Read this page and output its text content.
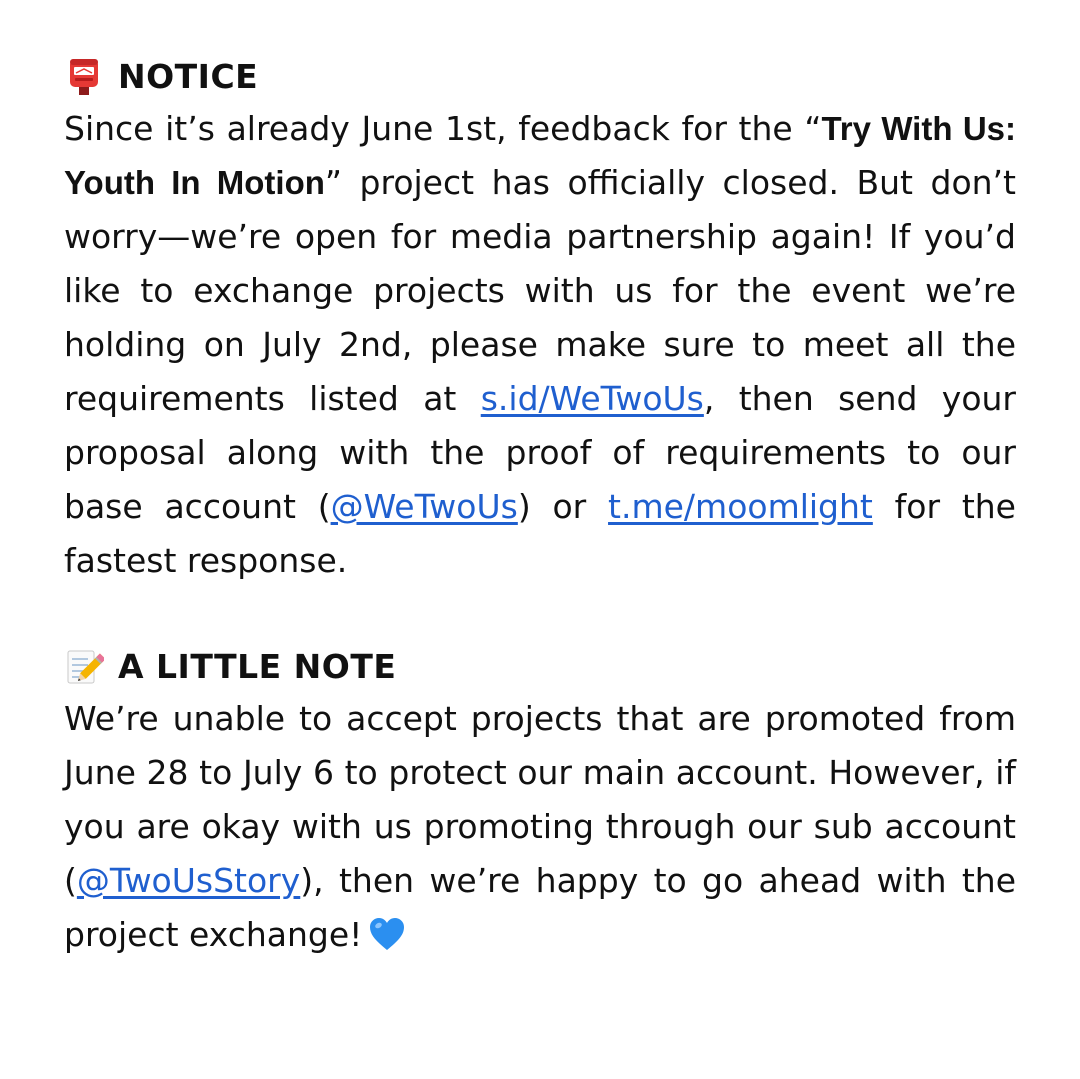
NOTICE

Since it’s already June 1st, feedback for the “Try With Us: Youth In Motion” project has officially closed. But don’t worry—we’re open for media partnership again! If you’d like to exchange projects with us for the event we’re holding on July 2nd, please make sure to meet all the requirements listed at s.id/WeTwoUs, then send your proposal along with the proof of requirements to our base account (@WeTwoUs) or t.me/moomlight for the fastest response.

A LITTLE NOTE

We’re unable to accept projects that are promoted from June 28 to July 6 to protect our main account. However, if you are okay with us promoting through our sub account (@TwoUsStory), then we’re happy to go ahead with the project exchange!
